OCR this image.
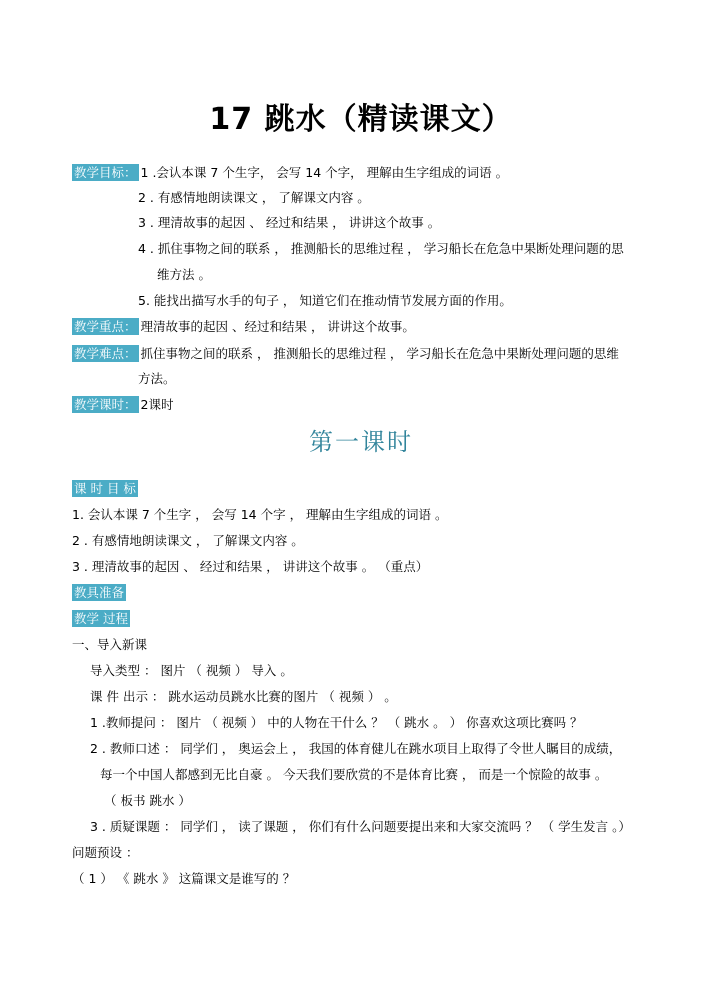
17 跳水（精读课文）
教学目标： 1 .会认本课 7 个生字， 会写 14 个字， 理解由生字组成的词语 。
2 . 有感情地朗读课文 ， 了解课文内容 。
3 . 理清故事的起因 、 经过和结果 ， 讲讲这个故事 。
4 . 抓住事物之间的联系 ， 推测船长的思维过程 ， 学习船长在危急中果断处理问题的思
维方法 。
5. 能找出描写水手的句子 ， 知道它们在推动情节发展方面的作用。
教学重点： 理清故事的起因 、经过和结果 ， 讲讲这个故事。
教学难点： 抓住事物之间的联系 ， 推测船长的思维过程 ， 学习船长在危急中果断处理问题的思维
方法。
教学课时： 2课时
第一课时
课 时 目 标
1. 会认本课 7 个生字 ， 会写 14 个字 ， 理解由生字组成的词语 。
2 . 有感情地朗读课文 ， 了解课文内容 。
3 . 理清故事的起因 、 经过和结果 ， 讲讲这个故事 。 （重点）
教具准备
教学 过程
一、导入新课
导入类型 ： 图片 （ 视频 ） 导入 。
课 件 出示 ： 跳水运动员跳水比赛的图片 （ 视频 ） 。
1 .教师提问 ： 图片 （ 视频 ） 中的人物在干什么 ？ （ 跳水 。 ） 你喜欢这项比赛吗 ？
2 . 教师口述 ： 同学们 ， 奥运会上 ， 我国的体育健儿在跳水项目上取得了令世人瞩目的成绩，
每一个中国人都感到无比自豪 。 今天我们要欣赏的不是体育比赛 ， 而是一个惊险的故事 。
（ 板书 跳水 ）
3 . 质疑课题 ： 同学们 ， 读了课题 ， 你们有什么问题要提出来和大家交流吗 ？ （ 学生发言 。）
问题预设 ：
（ 1 ） 《 跳水 》 这篇课文是谁写的 ？
